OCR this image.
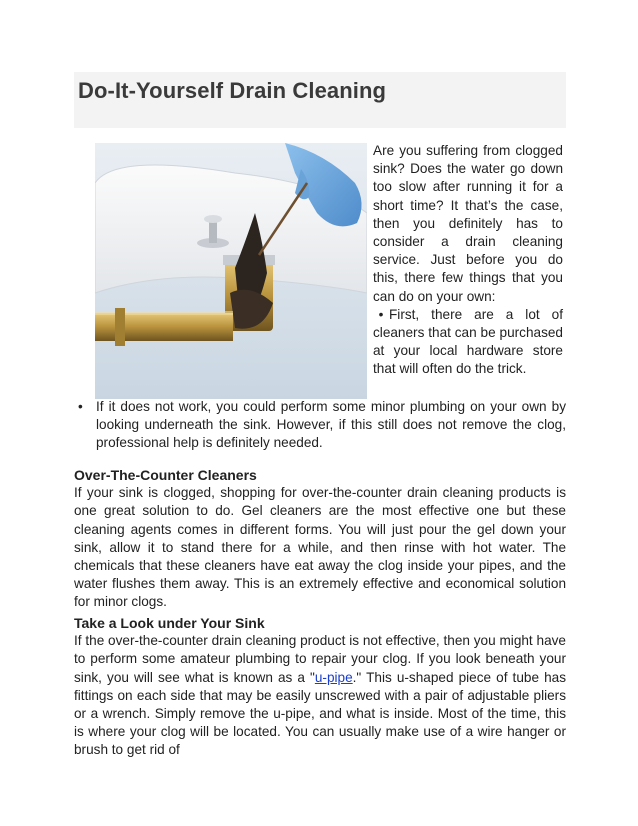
Do-It-Yourself Drain Cleaning

Are you suffering from clogged sink? Does the water go down too slow after running it for a short time? It that’s the case, then you definitely has to consider a drain cleaning service. Just before you do this, there few things that you can do on your own:

• First, there are a lot of cleaners that can be purchased at your local hardware store that will often do the trick.

• If it does not work, you could perform some minor plumbing on your own by looking underneath the sink. However, if this still does not remove the clog, professional help is definitely needed.
Over-The-Counter Cleaners

If your sink is clogged, shopping for over-the-counter drain cleaning products is one great solution to do. Gel cleaners are the most effective one but these cleaning agents comes in different forms. You will just pour the gel down your sink, allow it to stand there for a while, and then rinse with hot water. The chemicals that these cleaners have eat away the clog inside your pipes, and the water flushes them away. This is an extremely effective and economical solution for minor clogs.

Take a Look under Your Sink

If the over-the-counter drain cleaning product is not effective, then you might have to perform some amateur plumbing to repair your clog. If you look beneath your sink, you will see what is known as a "u-pipe." This u-shaped piece of tube has fittings on each side that may be easily unscrewed with a pair of adjustable pliers or a wrench. Simply remove the u-pipe, and what is inside. Most of the time, this is where your clog will be located. You can usually make use of a wire hanger or brush to get rid of
